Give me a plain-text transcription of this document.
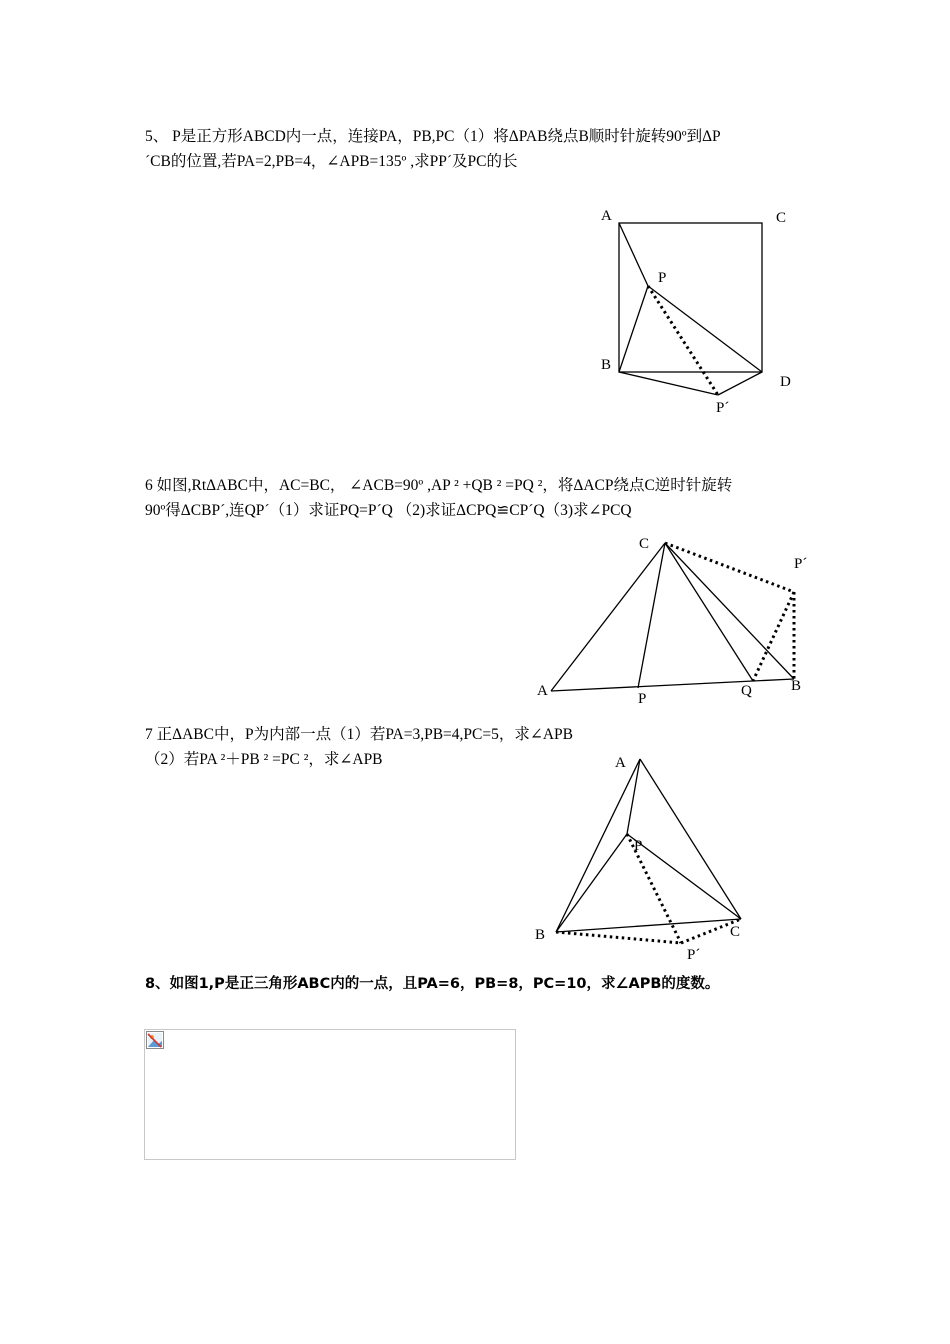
5、 P是正方形ABCD内一点，连接PA，PB,PC（1）将ΔPAB绕点B顺时针旋转90º到ΔP
´CB的位置,若PA=2,PB=4，∠APB=135º ,求PP´及PC的长
A	C
P
B
D
P´
6 如图,RtΔABC中，AC=BC， ∠ACB=90º ,AP ² +QB ² =PQ ²，将ΔACP绕点C逆时针旋转
90º得ΔCBP´,连QP´（1）求证PQ=P´Q （2)求证ΔCPQ≌CP´Q（3)求∠PCQ
C
P´
A	P	Q	B
7 正ΔABC中，P为内部一点（1）若PA=3,PB=4,PC=5，求∠APB
（2）若PA ²＋PB ² =PC ²，求∠APB	A
P
B	C
P´
8、如图1,P是正三角形ABC内的一点，且PA=6，PB=8，PC=10，求∠APB的度数。
